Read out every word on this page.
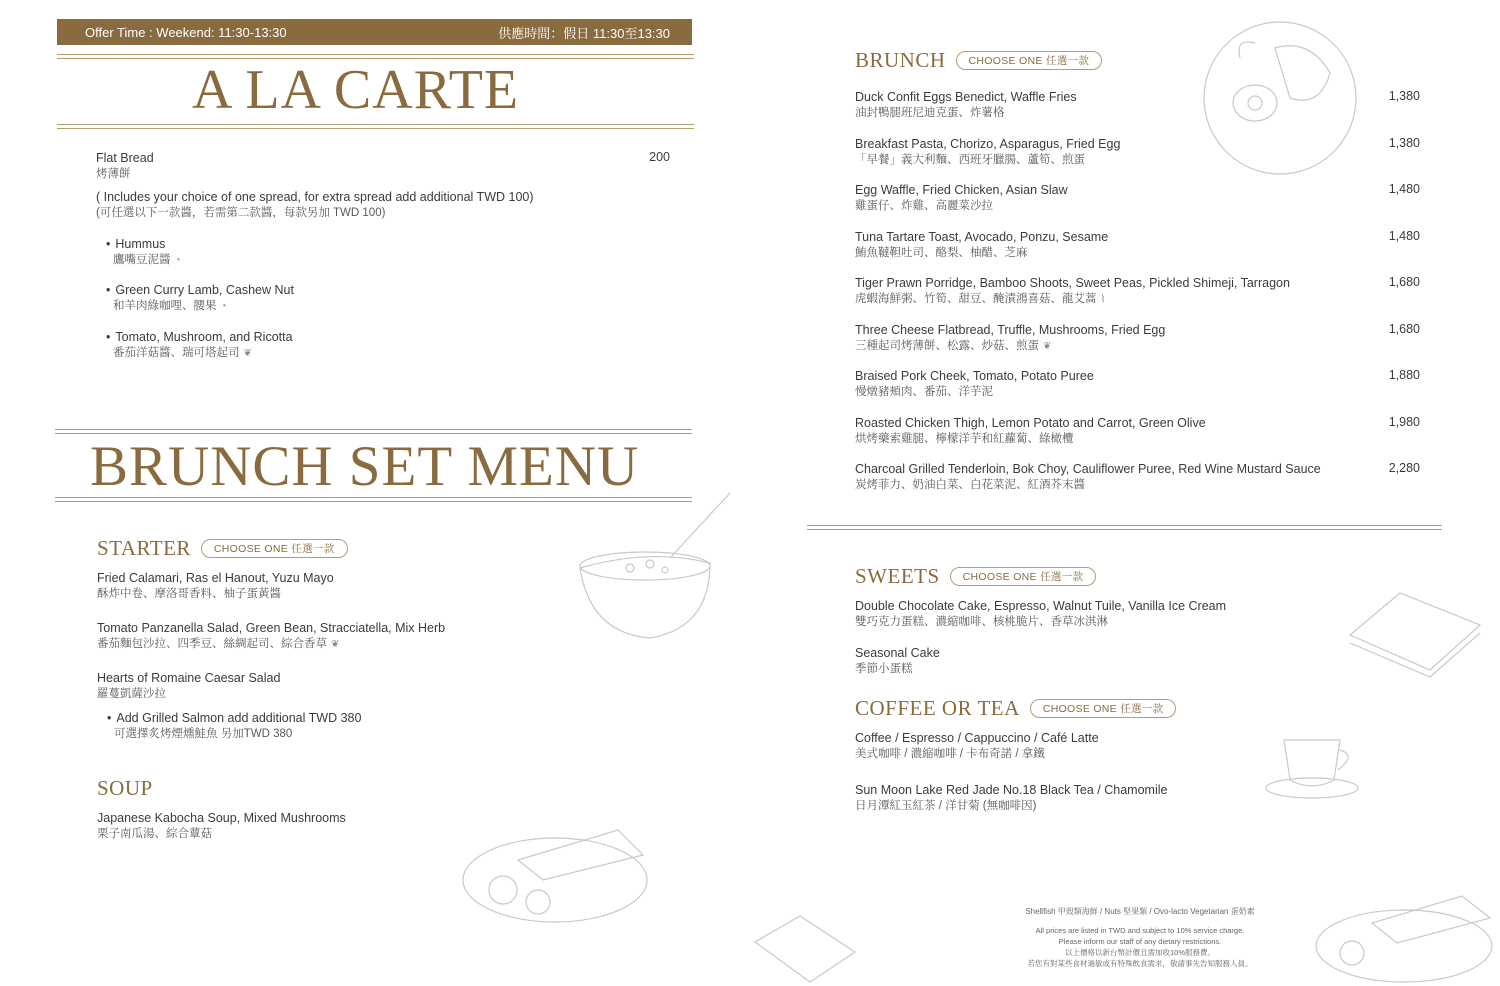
Offer Time : Weekend: 11:30-13:30	供應時間：假日 11:30至13:30
A LA CARTE
Flat Bread
烤薄餅
200
( Includes your choice of one spread, for extra spread add additional TWD 100)
(可任選以下一款醬，若需第二款醬，每款另加 TWD 100)
• Hummus
鷹嘴豆泥醬 ◔
• Green Curry Lamb, Cashew Nut
和羊肉綠咖哩、腰果 ◔
• Tomato, Mushroom, and Ricotta
番茄洋菇醬、瑞可塔起司 ❦
BRUNCH SET MENU
STARTER	CHOOSE ONE 任選一款
Fried Calamari, Ras el Hanout, Yuzu Mayo
酥炸中卷、摩洛哥香料、柚子蛋黃醬
Tomato Panzanella Salad, Green Bean, Stracciatella, Mix Herb
番茄麵包沙拉、四季豆、絲綢起司、綜合香草 ❦
Hearts of Romaine Caesar Salad
羅蔓凱薩沙拉
• Add Grilled Salmon add additional TWD 380
可選擇炙烤煙燻鮭魚 另加TWD 380
SOUP
Japanese Kabocha Soup, Mixed Mushrooms
栗子南瓜湯、綜合蕈菇
BRUNCH	CHOOSE ONE 任選一款
Duck Confit Eggs Benedict, Waffle Fries
油封鴨腿班尼迪克蛋、炸薯格
1,380
Breakfast Pasta, Chorizo, Asparagus, Fried Egg
「早餐」義大利麵、西班牙臘腸、蘆筍、煎蛋
1,380
Egg Waffle, Fried Chicken, Asian Slaw
雞蛋仔、炸雞、高麗菜沙拉
1,480
Tuna Tartare Toast, Avocado, Ponzu, Sesame
鮪魚韃靼吐司、酪梨、柚醋、芝麻
1,480
Tiger Prawn Porridge, Bamboo Shoots, Sweet Peas, Pickled Shimeji, Tarragon
虎蝦海鮮粥、竹筍、甜豆、醃漬鴻喜菇、龍艾蒿 ⌇
1,680
Three Cheese Flatbread, Truffle, Mushrooms, Fried Egg
三種起司烤薄餅、松露、炒菇、煎蛋 ❦
1,680
Braised Pork Cheek, Tomato, Potato Puree
慢燉豬頰肉、番茄、洋芋泥
1,880
Roasted Chicken Thigh, Lemon Potato and Carrot, Green Olive
烘烤藥索雞腿、檸檬洋芋和紅蘿蔔、綠橄欖
1,980
Charcoal Grilled Tenderloin, Bok Choy, Cauliflower Puree, Red Wine Mustard Sauce
炭烤菲力、奶油白菜、白花菜泥、紅酒芥末醬
2,280
SWEETS	CHOOSE ONE 任選一款
Double Chocolate Cake, Espresso, Walnut Tuile, Vanilla Ice Cream
雙巧克力蛋糕、濃縮咖啡、核桃脆片、香草冰淇淋
Seasonal Cake
季節小蛋糕
COFFEE OR TEA	CHOOSE ONE 任選一款
Coffee / Espresso / Cappuccino / Café Latte
美式咖啡 / 濃縮咖啡 / 卡布奇諾 / 拿鐵
Sun Moon Lake Red Jade No.18 Black Tea / Chamomile
日月潭紅玉紅茶 / 洋甘菊 (無咖啡因)
Shellfish 甲殼類海鮮 / Nuts 堅果類 / Ovo-lacto Vegetarian 蛋奶素
All prices are listed in TWD and subject to 10% service charge.
Please inform our staff of any dietary restrictions.
以上價格以新台幣計價且需加收10%服務費。
若您有對某些食材過敏或有特殊飲食需求，敬請事先告知服務人員。
